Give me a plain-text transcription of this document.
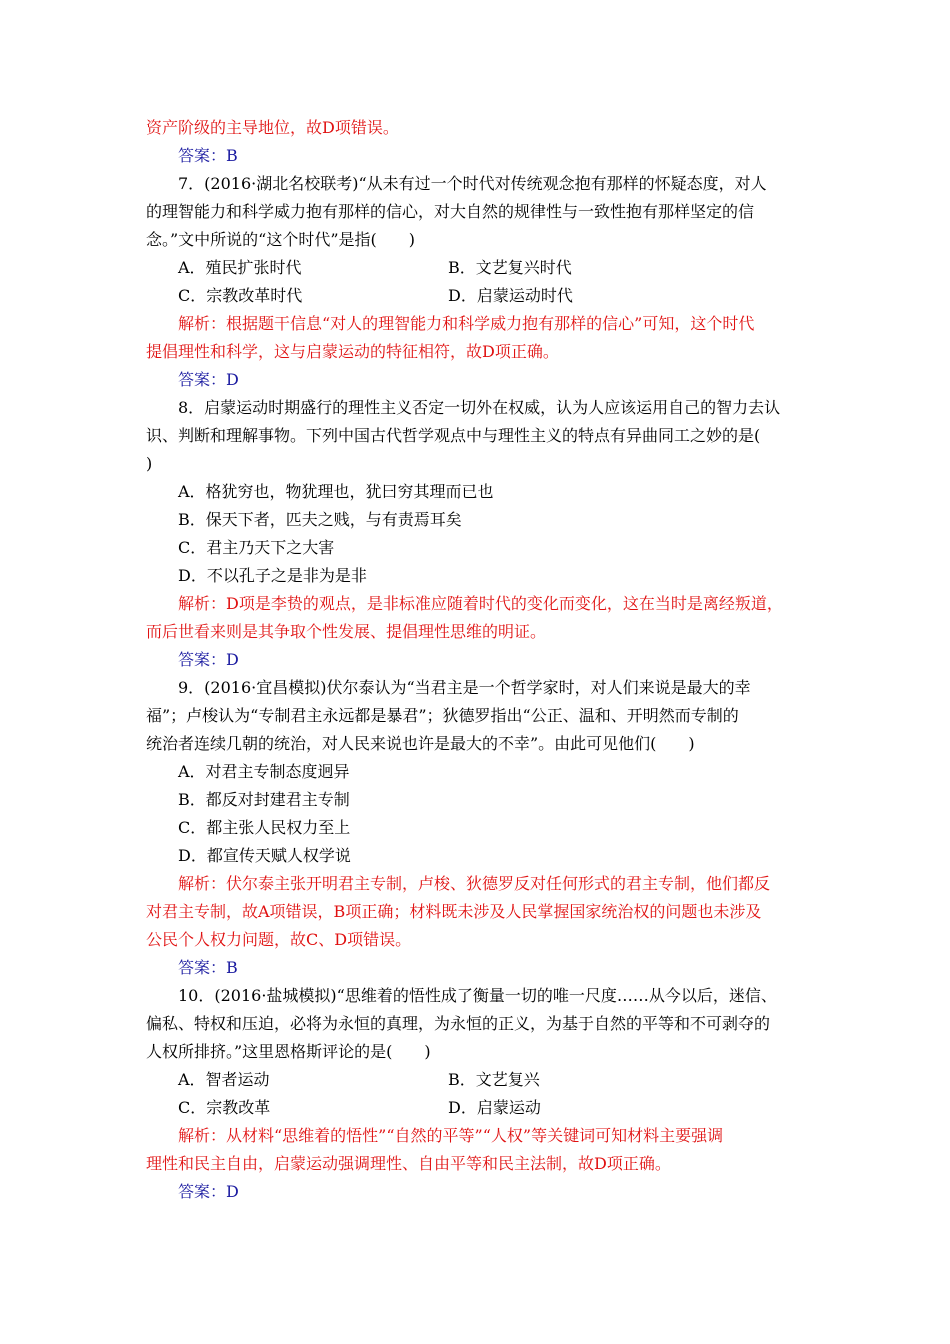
资产阶级的主导地位，故D项错误。
答案：B
7．(2016·湖北名校联考)“从未有过一个时代对传统观念抱有那样的怀疑态度，对人
的理智能力和科学威力抱有那样的信心，对大自然的规律性与一致性抱有那样坚定的信
念。”文中所说的“这个时代”是指(　　)
A．殖民扩张时代	B．文艺复兴时代
C．宗教改革时代	D．启蒙运动时代
解析：根据题干信息“对人的理智能力和科学威力抱有那样的信心”可知，这个时代
提倡理性和科学，这与启蒙运动的特征相符，故D项正确。
答案：D
8．启蒙运动时期盛行的理性主义否定一切外在权威，认为人应该运用自己的智力去认
识、判断和理解事物。下列中国古代哲学观点中与理性主义的特点有异曲同工之妙的是(
)
A．格犹穷也，物犹理也，犹曰穷其理而已也
B．保天下者，匹夫之贱，与有责焉耳矣
C．君主乃天下之大害
D．不以孔子之是非为是非
解析：D项是李贽的观点，是非标准应随着时代的变化而变化，这在当时是离经叛道，
而后世看来则是其争取个性发展、提倡理性思维的明证。
答案：D
9．(2016·宜昌模拟)伏尔泰认为“当君主是一个哲学家时，对人们来说是最大的幸
福”；卢梭认为“专制君主永远都是暴君”；狄德罗指出“公正、温和、开明然而专制的
统治者连续几朝的统治，对人民来说也许是最大的不幸”。由此可见他们(　　)
A．对君主专制态度迥异
B．都反对封建君主专制
C．都主张人民权力至上
D．都宣传天赋人权学说
解析：伏尔泰主张开明君主专制，卢梭、狄德罗反对任何形式的君主专制，他们都反
对君主专制，故A项错误，B项正确；材料既未涉及人民掌握国家统治权的问题也未涉及
公民个人权力问题，故C、D项错误。
答案：B
10．(2016·盐城模拟)“思维着的悟性成了衡量一切的唯一尺度……从今以后，迷信、
偏私、特权和压迫，必将为永恒的真理，为永恒的正义，为基于自然的平等和不可剥夺的
人权所排挤。”这里恩格斯评论的是(　　)
A．智者运动	B．文艺复兴
C．宗教改革	D．启蒙运动
解析：从材料“思维着的悟性”“自然的平等”“人权”等关键词可知材料主要强调
理性和民主自由，启蒙运动强调理性、自由平等和民主法制，故D项正确。
答案：D
